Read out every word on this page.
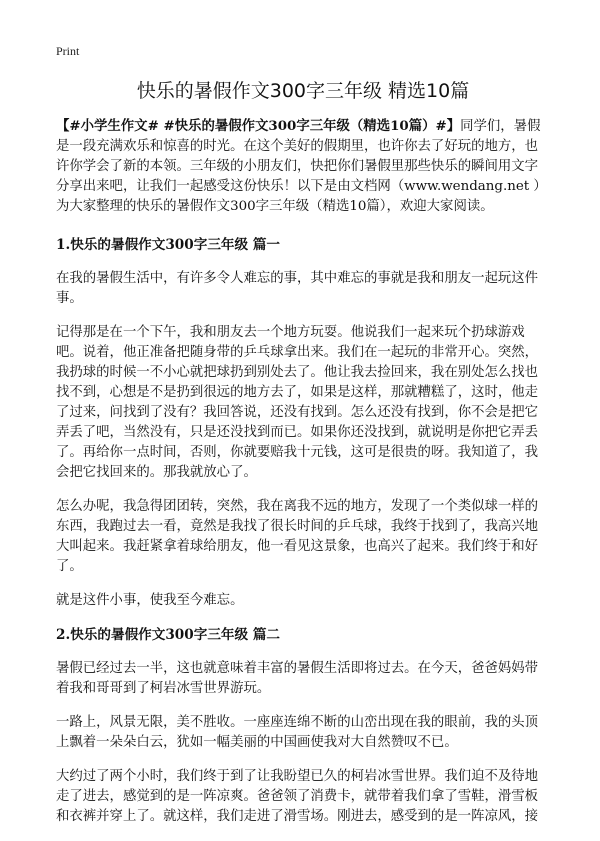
Print
快乐的暑假作文300字三年级 精选10篇

【#小学生作文# #快乐的暑假作文300字三年级（精选10篇）#】同学们，暑假是一段充满欢乐和惊喜的时光。在这个美好的假期里，也许你去了好玩的地方，也许你学会了新的本领。三年级的小朋友们，快把你们暑假里那些快乐的瞬间用文字分享出来吧，让我们一起感受这份快乐！以下是由文档网（www.wendang.net ）为大家整理的快乐的暑假作文300字三年级（精选10篇），欢迎大家阅读。

1.快乐的暑假作文300字三年级 篇一

在我的暑假生活中，有许多令人难忘的事，其中难忘的事就是我和朋友一起玩这件事。

记得那是在一个下午，我和朋友去一个地方玩耍。他说我们一起来玩个扔球游戏吧。说着，他正准备把随身带的乒乓球拿出来。我们在一起玩的非常开心。突然，我扔球的时候一不小心就把球扔到别处去了。他让我去捡回来，我在别处怎么找也找不到，心想是不是扔到很远的地方去了，如果是这样，那就糟糕了，这时，他走了过来，问找到了没有？我回答说，还没有找到。怎么还没有找到，你不会是把它弄丢了吧，当然没有，只是还没找到而已。如果你还没找到，就说明是你把它弄丢了。再给你一点时间，否则，你就要赔我十元钱，这可是很贵的呀。我知道了，我会把它找回来的。那我就放心了。

怎么办呢，我急得团团转，突然，我在离我不远的地方，发现了一个类似球一样的东西，我跑过去一看，竟然是我找了很长时间的乒乓球，我终于找到了，我高兴地大叫起来。我赶紧拿着球给朋友，他一看见这景象，也高兴了起来。我们终于和好了。

就是这件小事，使我至今难忘。

2.快乐的暑假作文300字三年级 篇二

暑假已经过去一半，这也就意味着丰富的暑假生活即将过去。在今天，爸爸妈妈带着我和哥哥到了柯岩冰雪世界游玩。

一路上，风景无限，美不胜收。一座座连绵不断的山峦出现在我的眼前，我的头顶上飘着一朵朵白云，犹如一幅美丽的中国画使我对大自然赞叹不已。

大约过了两个小时，我们终于到了让我盼望已久的柯岩冰雪世界。我们迫不及待地走了进去，感觉到的是一阵凉爽。爸爸领了消费卡，就带着我们拿了雪鞋，滑雪板和衣裤并穿上了。就这样，我们走进了滑雪场。刚进去，感受到的是一阵凉风，接
